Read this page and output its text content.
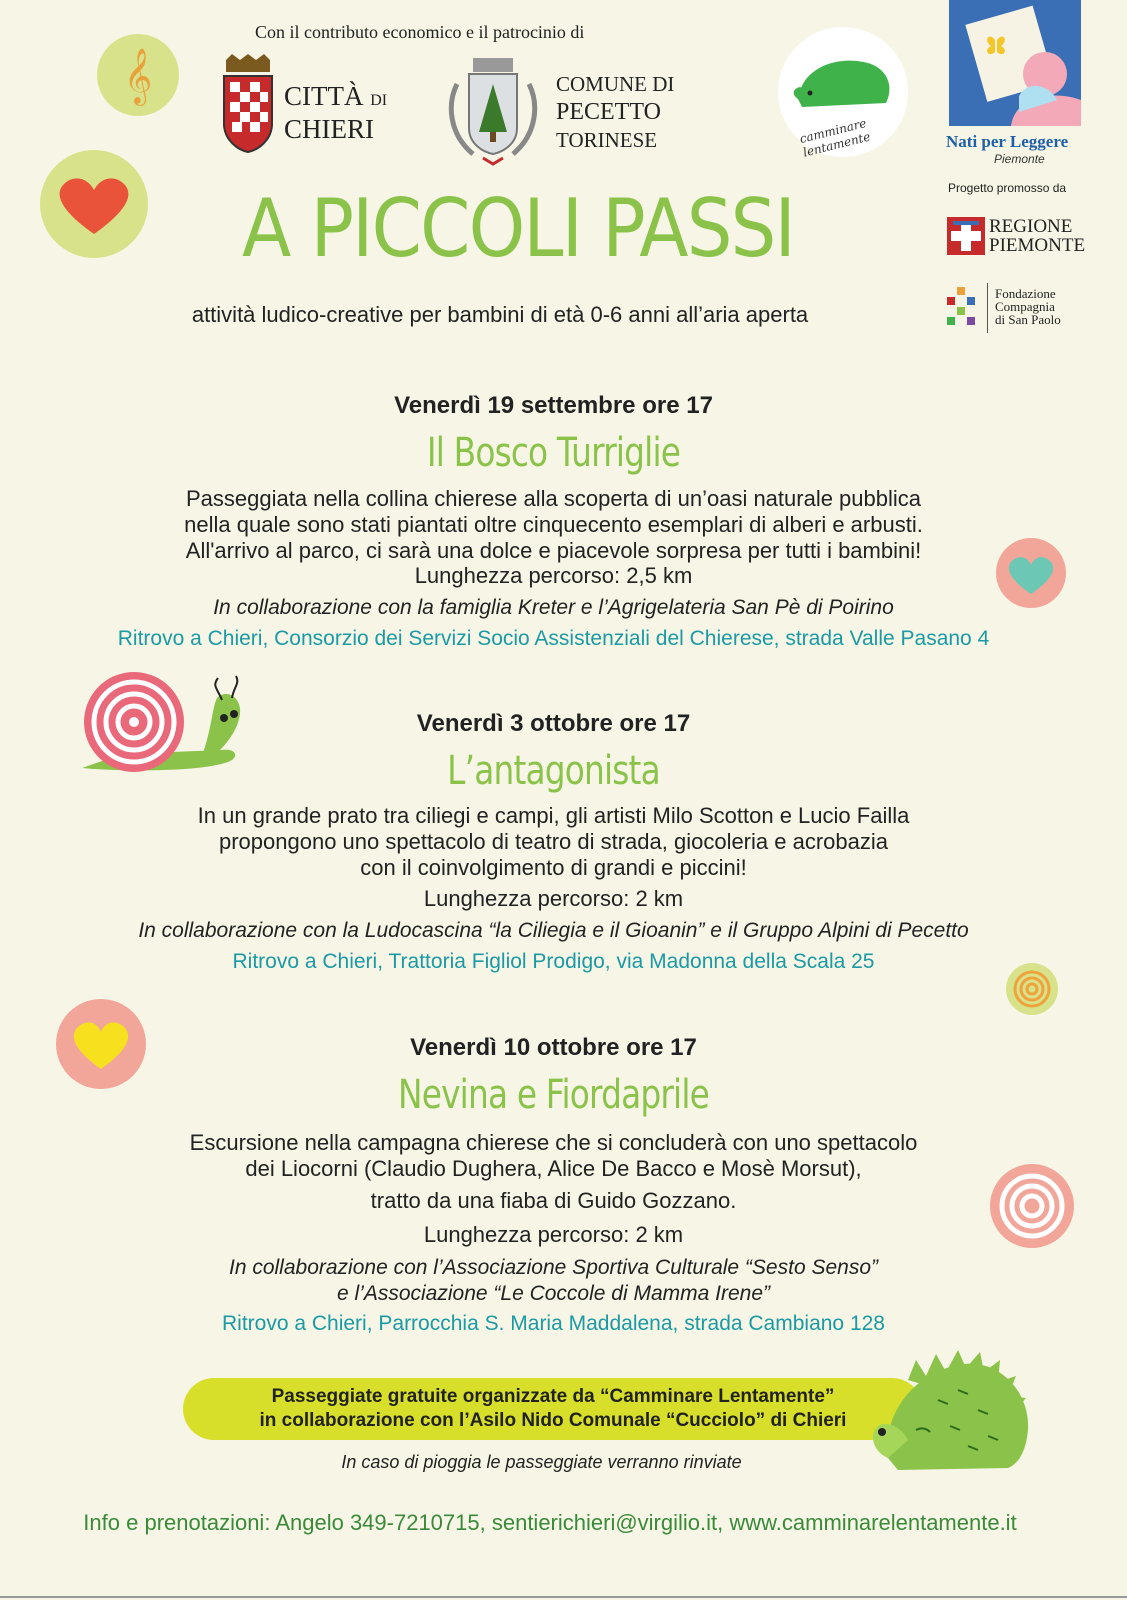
𝄞
Con il contributo economico e il patrocinio di
CITTÀ DI
CHIERI
COMUNE DI
PECETTO
TORINESE	camminare lentamente	Nati per Leggere
Piemonte
Progetto promosso da
REGIONE
PIEMONTE
Fondazione
Compagnia
di San Paolo
A PICCOLI PASSI
attività ludico-creative per bambini di età 0-6 anni all’aria aperta
Venerdì 19 settembre ore 17
Il Bosco Turriglie
Passeggiata nella collina chierese alla scoperta di un’oasi naturale pubblica
nella quale sono stati piantati oltre cinquecento esemplari di alberi e arbusti.
All'arrivo al parco, ci sarà una dolce e piacevole sorpresa per tutti i bambini!
Lunghezza percorso: 2,5 km
In collaborazione con la famiglia Kreter e l’Agrigelateria San Pè di Poirino
Ritrovo a Chieri, Consorzio dei Servizi Socio Assistenziali del Chierese, strada Valle Pasano 4
Venerdì 3 ottobre ore 17
L’antagonista
In un grande prato tra ciliegi e campi, gli artisti Milo Scotton e Lucio Failla
propongono uno spettacolo di teatro di strada, giocoleria e acrobazia
con il coinvolgimento di grandi e piccini!
Lunghezza percorso: 2 km
In collaborazione con la Ludocascina “la Ciliegia e il Gioanin” e il Gruppo Alpini di Pecetto
Ritrovo a Chieri, Trattoria Figliol Prodigo, via Madonna della Scala 25
Venerdì 10 ottobre ore 17
Nevina e Fiordaprile
Escursione nella campagna chierese che si concluderà con uno spettacolo
dei Liocorni (Claudio Dughera, Alice De Bacco e Mosè Morsut),
tratto da una fiaba di Guido Gozzano.
Lunghezza percorso: 2 km
In collaborazione con l’Associazione Sportiva Culturale “Sesto Senso”
e l’Associazione “Le Coccole di Mamma Irene”
Ritrovo a Chieri, Parrocchia S. Maria Maddalena, strada Cambiano 128
Passeggiate gratuite organizzate da “Camminare Lentamente”
in collaborazione con l’Asilo Nido Comunale “Cucciolo” di Chieri
In caso di pioggia le passeggiate verranno rinviate
Info e prenotazioni: Angelo 349-7210715, sentierichieri@virgilio.it, www.camminarelentamente.it
